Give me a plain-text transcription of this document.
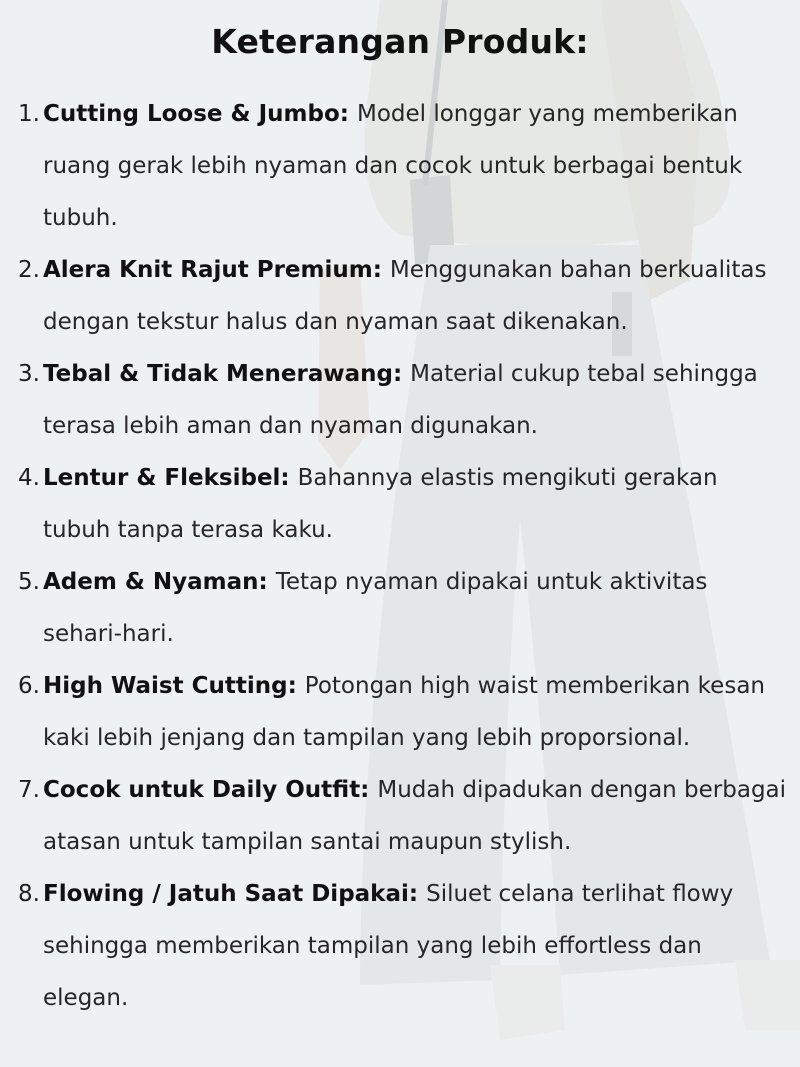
Keterangan Produk:
1. Cutting Loose & Jumbo: Model longgar yang memberikan ruang gerak lebih nyaman dan cocok untuk berbagai bentuk tubuh.
2. Alera Knit Rajut Premium: Menggunakan bahan berkualitas dengan tekstur halus dan nyaman saat dikenakan.
3. Tebal & Tidak Menerawang: Material cukup tebal sehingga terasa lebih aman dan nyaman digunakan.
4. Lentur & Fleksibel: Bahannya elastis mengikuti gerakan tubuh tanpa terasa kaku.
5. Adem & Nyaman: Tetap nyaman dipakai untuk aktivitas sehari-hari.
6. High Waist Cutting: Potongan high waist memberikan kesan kaki lebih jenjang dan tampilan yang lebih proporsional.
7. Cocok untuk Daily Outfit: Mudah dipadukan dengan berbagai atasan untuk tampilan santai maupun stylish.
8. Flowing / Jatuh Saat Dipakai: Siluet celana terlihat flowy sehingga memberikan tampilan yang lebih effortless dan elegan.
